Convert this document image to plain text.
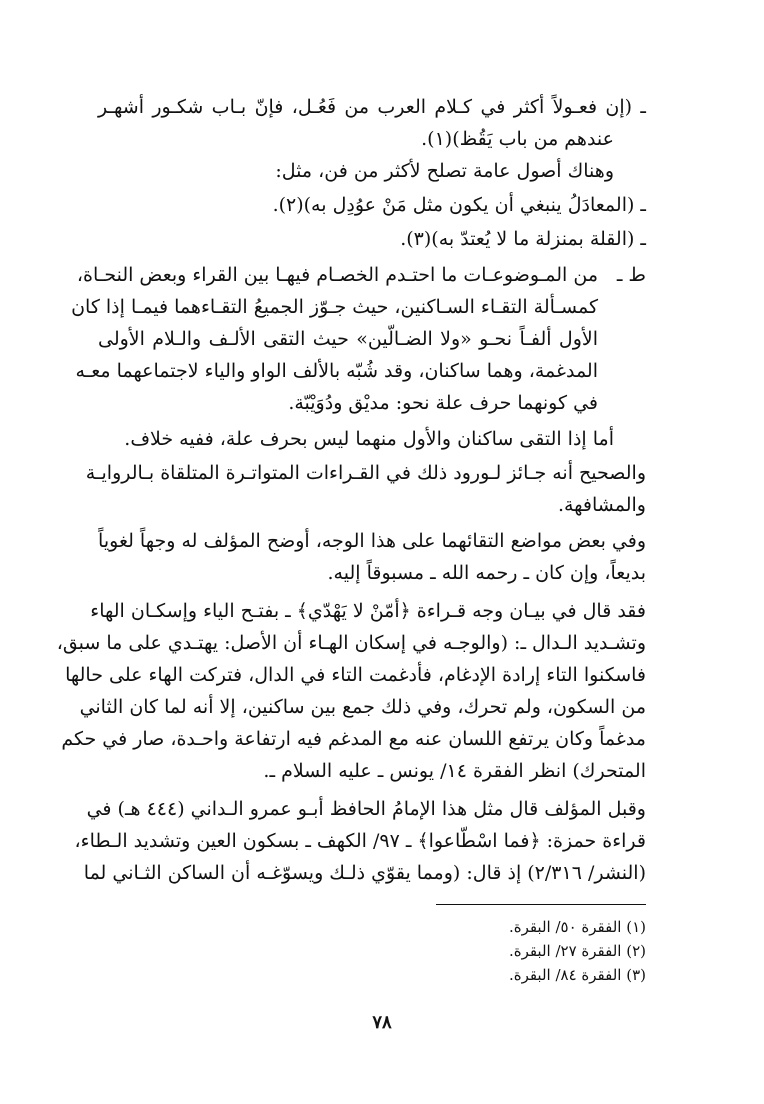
ـ (إن فعـولاً أكثر في كـلام العرب من فَعُـل، فإنّ بـاب شكـور أشهـر
عندهم من باب يَقُظ)(١).
وهناك أصول عامة تصلح لأكثر من فن، مثل:
ـ (المعادَلُ ينبغي أن يكون مثل مَنْ عوُدِل به)(٢).
ـ (القلة بمنزلة ما لا يُعتدّ به)(٣).
ط ـ
من المـوضوعـات ما احتـدم الخصـام فيهـا بين القراء وبعض النحـاة،
كمسـألة التقـاء السـاكنين، حيث جـوّز الجميعُ التقـاءهما فيمـا إذا كان
الأول ألفـاً نحـو «ولا الضـالّين» حيث التقى الألـف والـلام الأولى
المدغمة، وهما ساكنان، وقد شُبّه بالألف الواو والياء لاجتماعهما معـه
في كونهما حرف علة نحو: مديْق ودُوَيْبّة.
أما إذا التقى ساكنان والأول منهما ليس بحرف علة، ففيه خلاف.
والصحيح أنه جـائز لـورود ذلك في القـراءات المتواتـرة المتلقاة بـالروايـة
والمشافهة.
وفي بعض مواضع التقائهما على هذا الوجه، أوضح المؤلف له وجهاً لغوياً
بديعاً، وإن كان ـ رحمه الله ـ مسبوقاً إليه.
فقد قال في بيـان وجه قـراءة ﴿أمّنْ لا يَهْدّي﴾ ـ بفتـح الياء وإسكـان الهاء
وتشـديد الـدال ـ: (والوجـه في إسكان الهـاء أن الأصل: يهتـدي على ما سبق،
فاسكنوا التاء إرادة الإدغام، فأدغمت التاء في الدال، فتركت الهاء على حالها
من السكون، ولم تحرك، وفي ذلك جمع بين ساكنين، إلا أنه لما كان الثاني
مدغماً وكان يرتفع اللسان عنه مع المدغم فيه ارتفاعة واحـدة، صار في حكم
المتحرك) انظر الفقرة ١٤/ يونس ـ عليه السلام ـ.
وقبل المؤلف قال مثل هذا الإمامُ الحافظ أبـو عمرو الـداني (٤٤٤ هـ) في
قراءة حمزة: ﴿فما اسْطّاعوا﴾ ـ ٩٧/ الكهف ـ بسكون العين وتشديد الـطاء،
(النشر/ ٢/٣١٦) إذ قال: (ومما يقوّي ذلـك ويسوّغـه أن الساكن الثـاني لما
(١) الفقرة ٥٠/ البقرة.
(٢) الفقرة ٢٧/ البقرة.
(٣) الفقرة ٨٤/ البقرة.
٧٨
